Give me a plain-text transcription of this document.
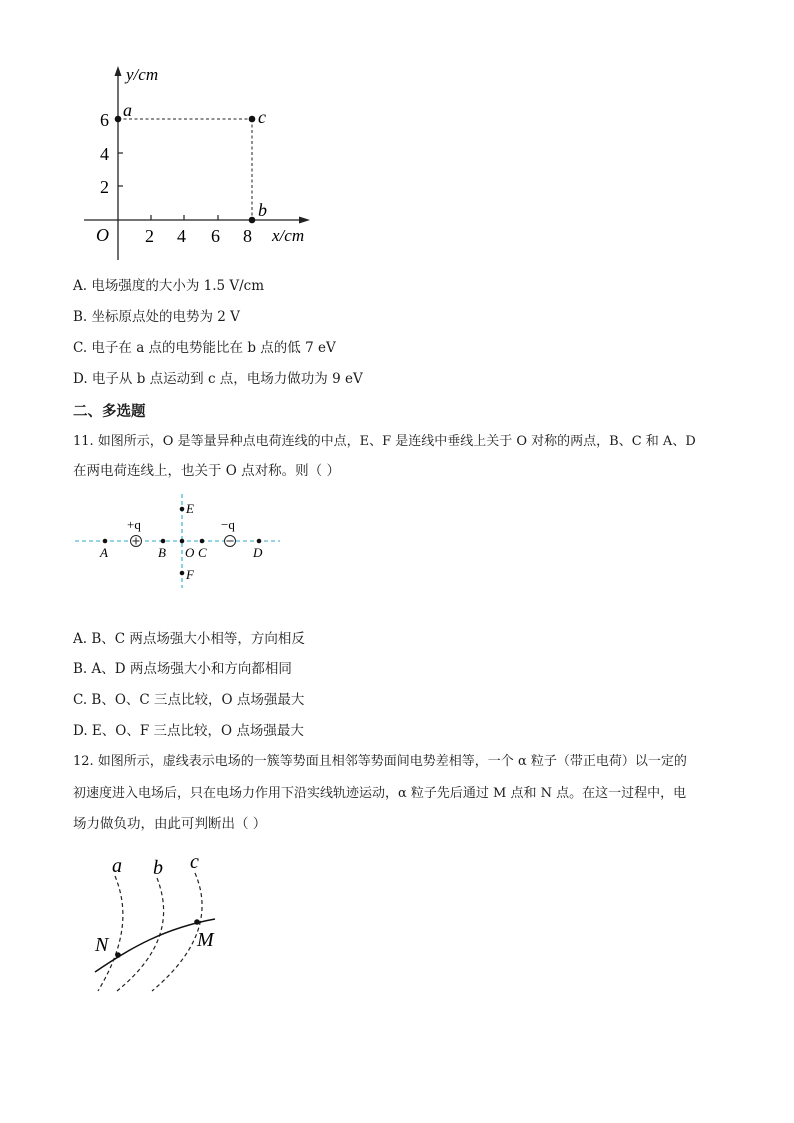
y/cm
x/cm
O
6
4
2
2 4 6 8
a	c
b
A. 电场强度的大小为 1.5 V/cm
B. 坐标原点处的电势为 2 V
C. 电子在 a 点的电势能比在 b 点的低 7 eV
D. 电子从 b 点运动到 c 点，电场力做功为 9 eV
二、多选题
11. 如图所示，O 是等量异种点电荷连线的中点，E、F 是连线中垂线上关于 O 对称的两点，B、C 和 A、D
在两电荷连线上，也关于 O 点对称。则（ ）
+q	−q
A	B O C	D
E
F
A. B、C 两点场强大小相等，方向相反
B. A、D 两点场强大小和方向都相同
C. B、O、C 三点比较，O 点场强最大
D. E、O、F 三点比较，O 点场强最大
12. 如图所示，虚线表示电场的一簇等势面且相邻等势面间电势差相等，一个 α 粒子（带正电荷）以一定的
初速度进入电场后，只在电场力作用下沿实线轨迹运动，α 粒子先后通过 M 点和 N 点。在这一过程中，电
场力做负功，由此可判断出（ ）
a b c
N	M
